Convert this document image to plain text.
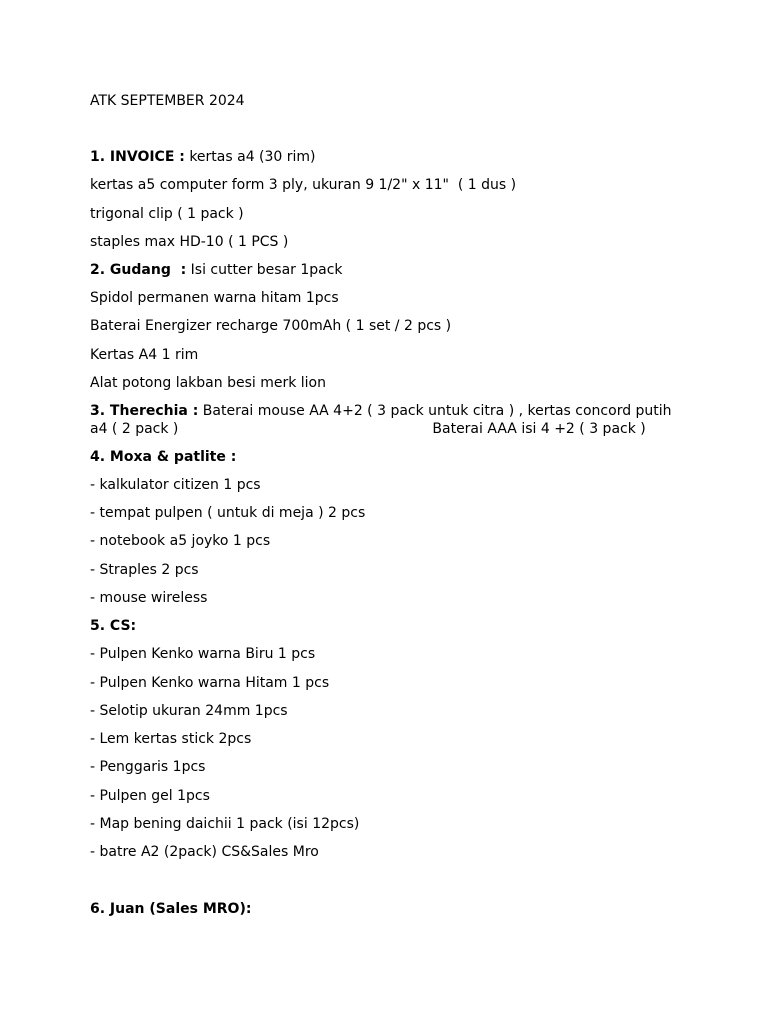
ATK SEPTEMBER 2024
1. INVOICE : kertas a4 (30 rim)
kertas a5 computer form 3 ply, ukuran 9 1/2" x 11"  ( 1 dus )
trigonal clip ( 1 pack )
staples max HD-10 ( 1 PCS )
2. Gudang  : Isi cutter besar 1pack
Spidol permanen warna hitam 1pcs
Baterai Energizer recharge 700mAh ( 1 set / 2 pcs )
Kertas A4 1 rim
Alat potong lakban besi merk lion
3. Therechia : Baterai mouse AA 4+2 ( 3 pack untuk citra ) , kertas concord putih a4 ( 2 pack )	Baterai AAA isi 4 +2 ( 3 pack )
4. Moxa & patlite :
- kalkulator citizen 1 pcs
- tempat pulpen ( untuk di meja ) 2 pcs
- notebook a5 joyko 1 pcs
- Straples 2 pcs
- mouse wireless
5. CS:
- Pulpen Kenko warna Biru 1 pcs
- Pulpen Kenko warna Hitam 1 pcs
- Selotip ukuran 24mm 1pcs
- Lem kertas stick 2pcs
- Penggaris 1pcs
- Pulpen gel 1pcs
- Map bening daichii 1 pack (isi 12pcs)
- batre A2 (2pack) CS&Sales Mro
6. Juan (Sales MRO):
